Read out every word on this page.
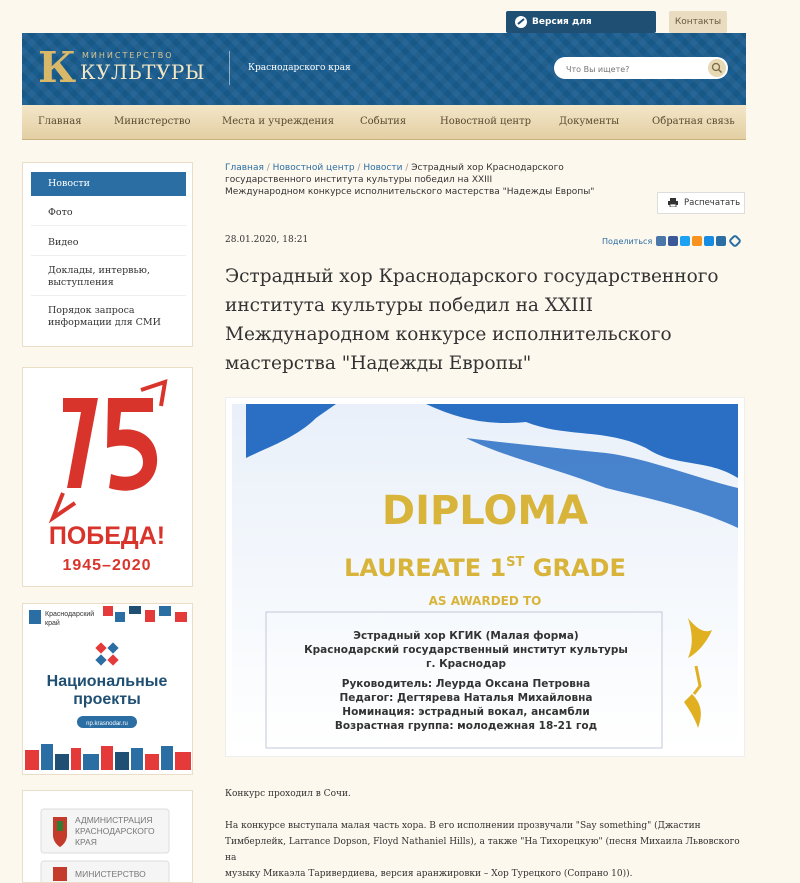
Версия для	Контакты
К МИНИСТЕРСТВО
КУЛЬТУРЫ	Краснодарского края
Что Вы ищете?
Главная	Министерство	Места и учреждения	События	Новостной центр	Документы	Обратная связь
Новости
Фото
Видео
Доклады, интервью,
выступления
Порядок запроса
информации для СМИ
ПОБЕДА!
1945–2020
Краснодарский
край
Национальные
проекты
np.krasnodar.ru
АДМИНИСТРАЦИЯ
КРАСНОДАРСКОГО
КРАЯ
МИНИСТЕРСТВО
Главная / Новостной центр / Новости / Эстрадный хор Краснодарского
государственного института культуры победил на XXIII
Международном конкурсе исполнительского мастерства "Надежды Европы"
Распечатать
28.01.2020, 18:21	Поделиться
Эстрадный хор Краснодарского государственного
института культуры победил на XXIII
Международном конкурсе исполнительского
мастерства "Надежды Европы"
DIPLOMA
LAUREATE 1ST GRADE
AS AWARDED TO
Эстрадный хор КГИК (Малая форма)
Краснодарский государственный институт культуры
г. Краснодар
Руководитель: Леурда Оксана Петровна
Педагог: Дегтярева Наталья Михайловна
Номинация: эстрадный вокал, ансамбли
Возрастная группа: молодежная 18-21 год
Конкурс проходил в Сочи.
На конкурсе выступала малая часть хора. В его исполнении прозвучали "Say something" (Джастин
Тимберлейк, Larrance Dopson, Floyd Nathaniel Hills), а также "На Тихорецкую" (песня Михаила Львовского на
музыку Микаэла Таривердиева, версия аранжировки – Хор Турецкого (Сопрано 10)).
